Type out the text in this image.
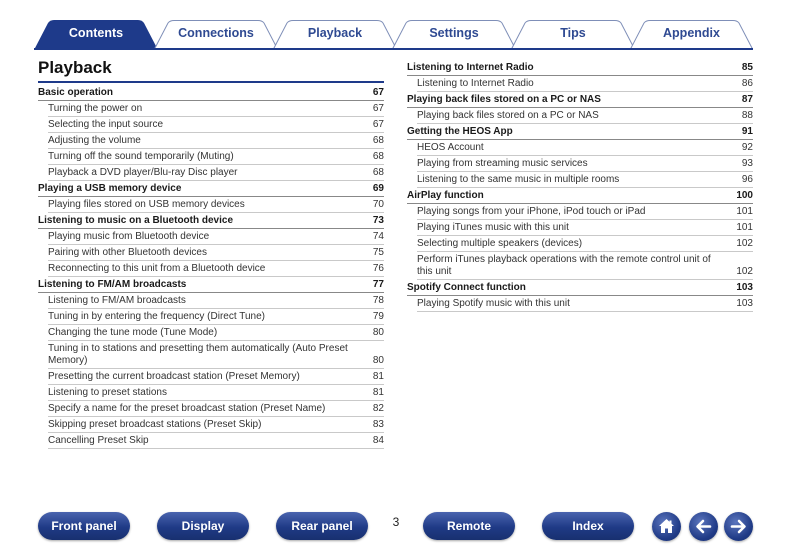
Contents	Connections	Playback	Settings	Tips	Appendix
Playback
Basic operation	67
Turning the power on	67
Selecting the input source	67
Adjusting the volume	68
Turning off the sound temporarily (Muting)	68
Playback a DVD player/Blu-ray Disc player	68
Playing a USB memory device	69
Playing files stored on USB memory devices	70
Listening to music on a Bluetooth device	73
Playing music from Bluetooth device	74
Pairing with other Bluetooth devices	75
Reconnecting to this unit from a Bluetooth device	76
Listening to FM/AM broadcasts	77
Listening to FM/AM broadcasts	78
Tuning in by entering the frequency (Direct Tune)	79
Changing the tune mode (Tune Mode)	80
Tuning in to stations and presetting them automatically (Auto Preset Memory)	80
Presetting the current broadcast station (Preset Memory)	81
Listening to preset stations	81
Specify a name for the preset broadcast station (Preset Name)	82
Skipping preset broadcast stations (Preset Skip)	83
Cancelling Preset Skip	84
Listening to Internet Radio	85
Listening to Internet Radio	86
Playing back files stored on a PC or NAS	87
Playing back files stored on a PC or NAS	88
Getting the HEOS App	91
HEOS Account	92
Playing from streaming music services	93
Listening to the same music in multiple rooms	96
AirPlay function	100
Playing songs from your iPhone, iPod touch or iPad	101
Playing iTunes music with this unit	101
Selecting multiple speakers (devices)	102
Perform iTunes playback operations with the remote control unit of this unit	102
Spotify Connect function	103
Playing Spotify music with this unit	103
Front panel	Display	Rear panel	3	Remote	Index
